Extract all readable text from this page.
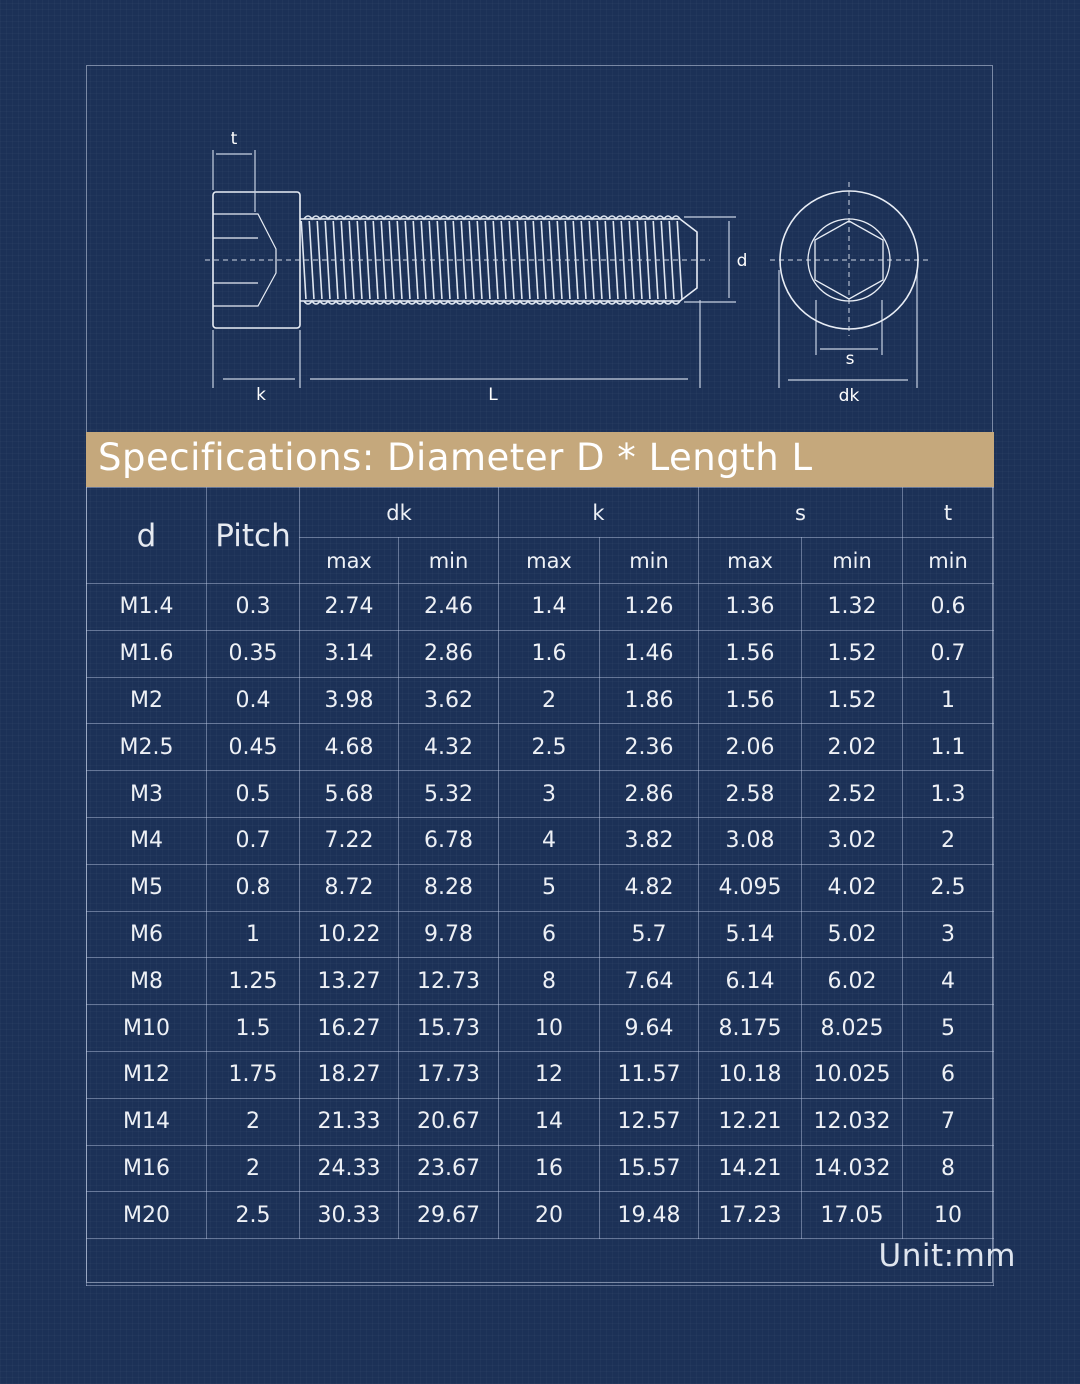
t
d
k	L
s
dk
Specifications: Diameter D * Length L
d	Pitch	dk		k		s		t
		max	min	max	min	max	min	min
M1.4	0.3	2.74	2.46	1.4	1.26	1.36	1.32	0.6
M1.6	0.35	3.14	2.86	1.6	1.46	1.56	1.52	0.7
M2	0.4	3.98	3.62	2	1.86	1.56	1.52	1
M2.5	0.45	4.68	4.32	2.5	2.36	2.06	2.02	1.1
M3	0.5	5.68	5.32	3	2.86	2.58	2.52	1.3
M4	0.7	7.22	6.78	4	3.82	3.08	3.02	2
M5	0.8	8.72	8.28	5	4.82	4.095	4.02	2.5
M6	1	10.22	9.78	6	5.7	5.14	5.02	3
M8	1.25	13.27	12.73	8	7.64	6.14	6.02	4
M10	1.5	16.27	15.73	10	9.64	8.175	8.025	5
M12	1.75	18.27	17.73	12	11.57	10.18	10.025	6
M14	2	21.33	20.67	14	12.57	12.21	12.032	7
M16	2	24.33	23.67	16	15.57	14.21	14.032	8
M20	2.5	30.33	29.67	20	19.48	17.23	17.05	10

Unit:mm
